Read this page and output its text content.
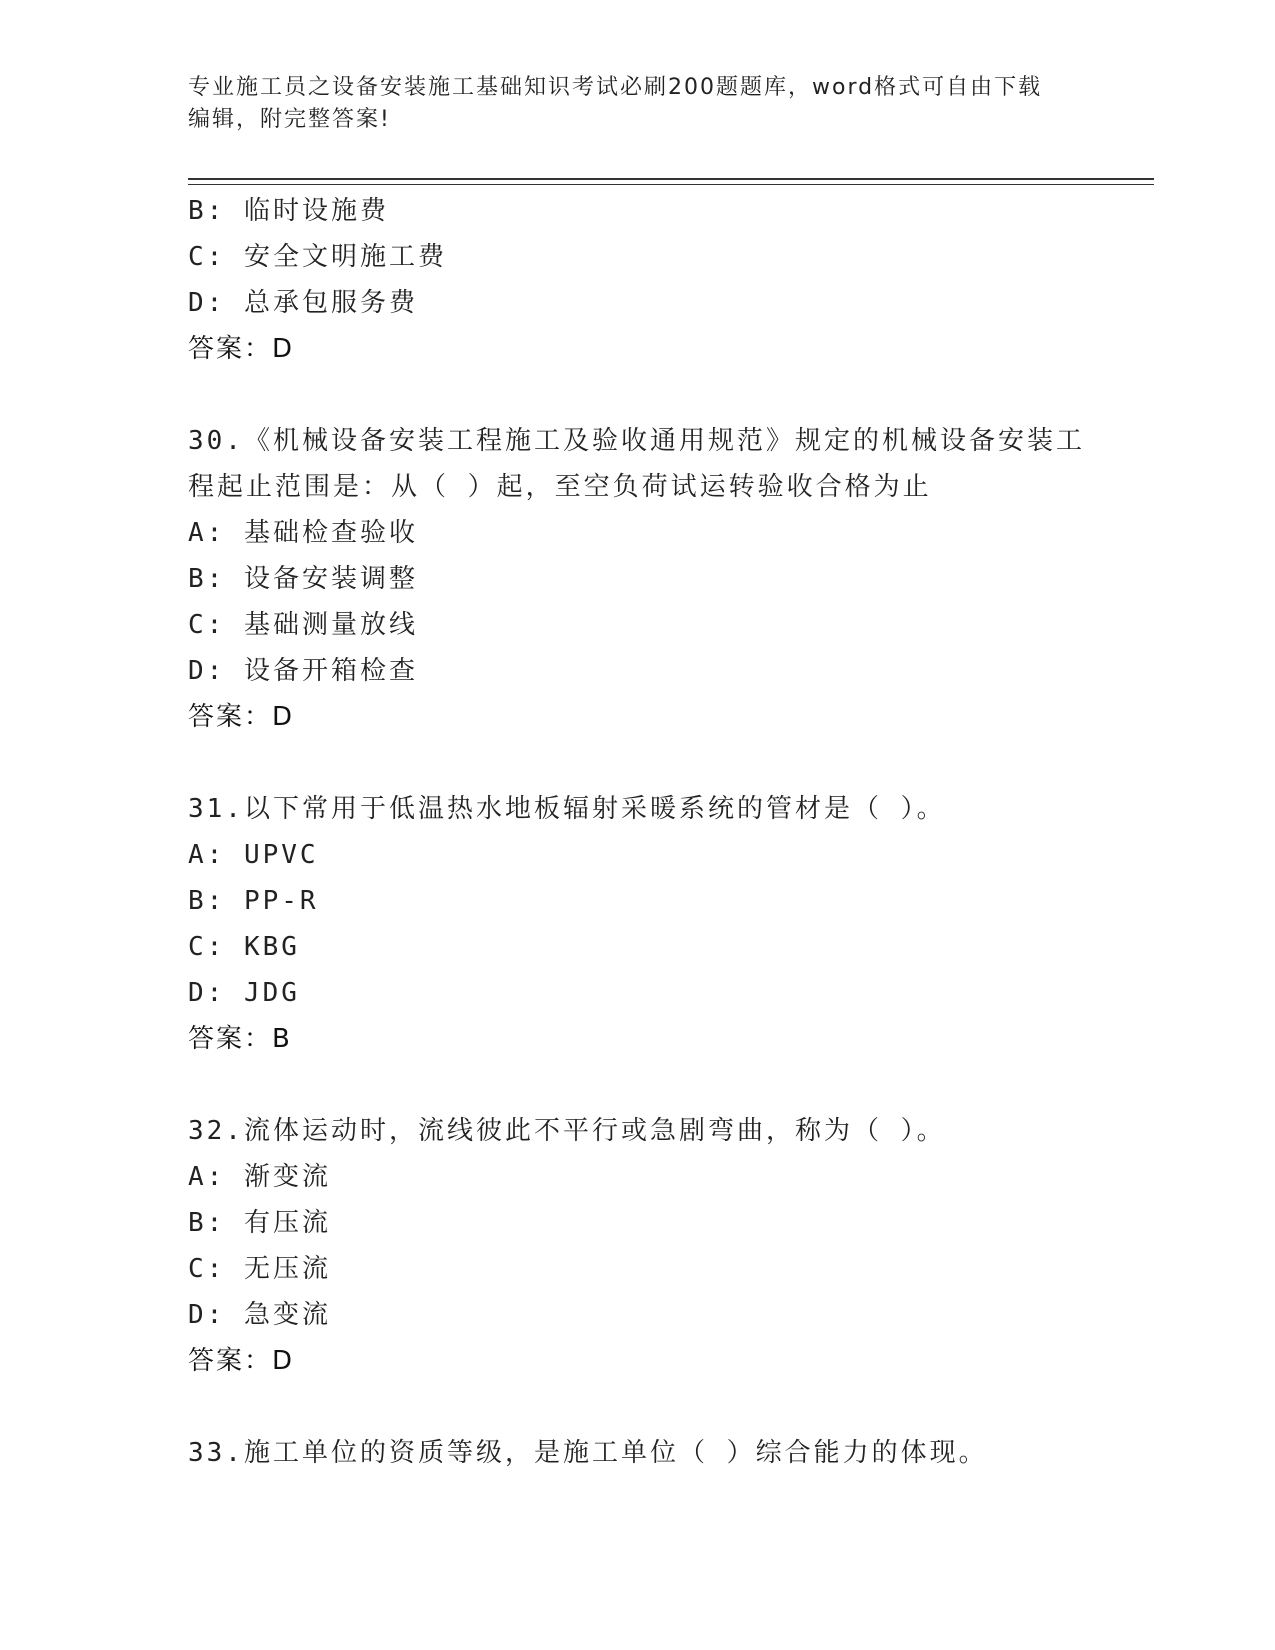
专业施工员之设备安装施工基础知识考试必刷200题题库，word格式可自由下载
编辑，附完整答案!
B: 临时设施费
C: 安全文明施工费
D: 总承包服务费
答案：D
30.《机械设备安装工程施工及验收通用规范》规定的机械设备安装工
程起止范围是：从（ ）起，至空负荷试运转验收合格为止
A: 基础检查验收
B: 设备安装调整
C: 基础测量放线
D: 设备开箱检查
答案：D
31.以下常用于低温热水地板辐射采暖系统的管材是（ ）。
A: UPVC
B: PP-R
C: KBG
D: JDG
答案：B
32.流体运动时，流线彼此不平行或急剧弯曲，称为（ ）。
A: 渐变流
B: 有压流
C: 无压流
D: 急变流
答案：D
33.施工单位的资质等级，是施工单位（ ）综合能力的体现。
